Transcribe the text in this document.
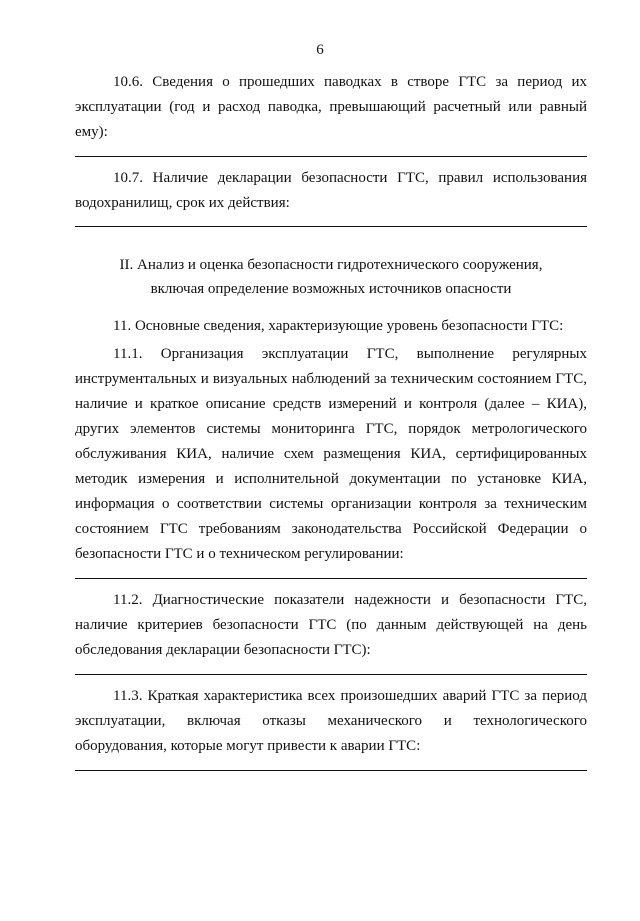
6

10.6. Сведения о прошедших паводках в створе ГТС за период их эксплуатации (год и расход паводка, превышающий расчетный или равный ему):

10.7. Наличие декларации безопасности ГТС, правил использования водохранилищ, срок их действия:

II. Анализ и оценка безопасности гидротехнического сооружения,
включая определение возможных источников опасности

11. Основные сведения, характеризующие уровень безопасности ГТС:

11.1. Организация эксплуатации ГТС, выполнение регулярных инструментальных и визуальных наблюдений за техническим состоянием ГТС, наличие и краткое описание средств измерений и контроля (далее – КИА), других элементов системы мониторинга ГТС, порядок метрологического обслуживания КИА, наличие схем размещения КИА, сертифицированных методик измерения и исполнительной документации по установке КИА, информация о соответствии системы организации контроля за техническим состоянием ГТС требованиям законодательства Российской Федерации о безопасности ГТС и о техническом регулировании:

11.2. Диагностические показатели надежности и безопасности ГТС, наличие критериев безопасности ГТС (по данным действующей на день обследования декларации безопасности ГТС):

11.3. Краткая характеристика всех произошедших аварий ГТС за период эксплуатации, включая отказы механического и технологического оборудования, которые могут привести к аварии ГТС:
